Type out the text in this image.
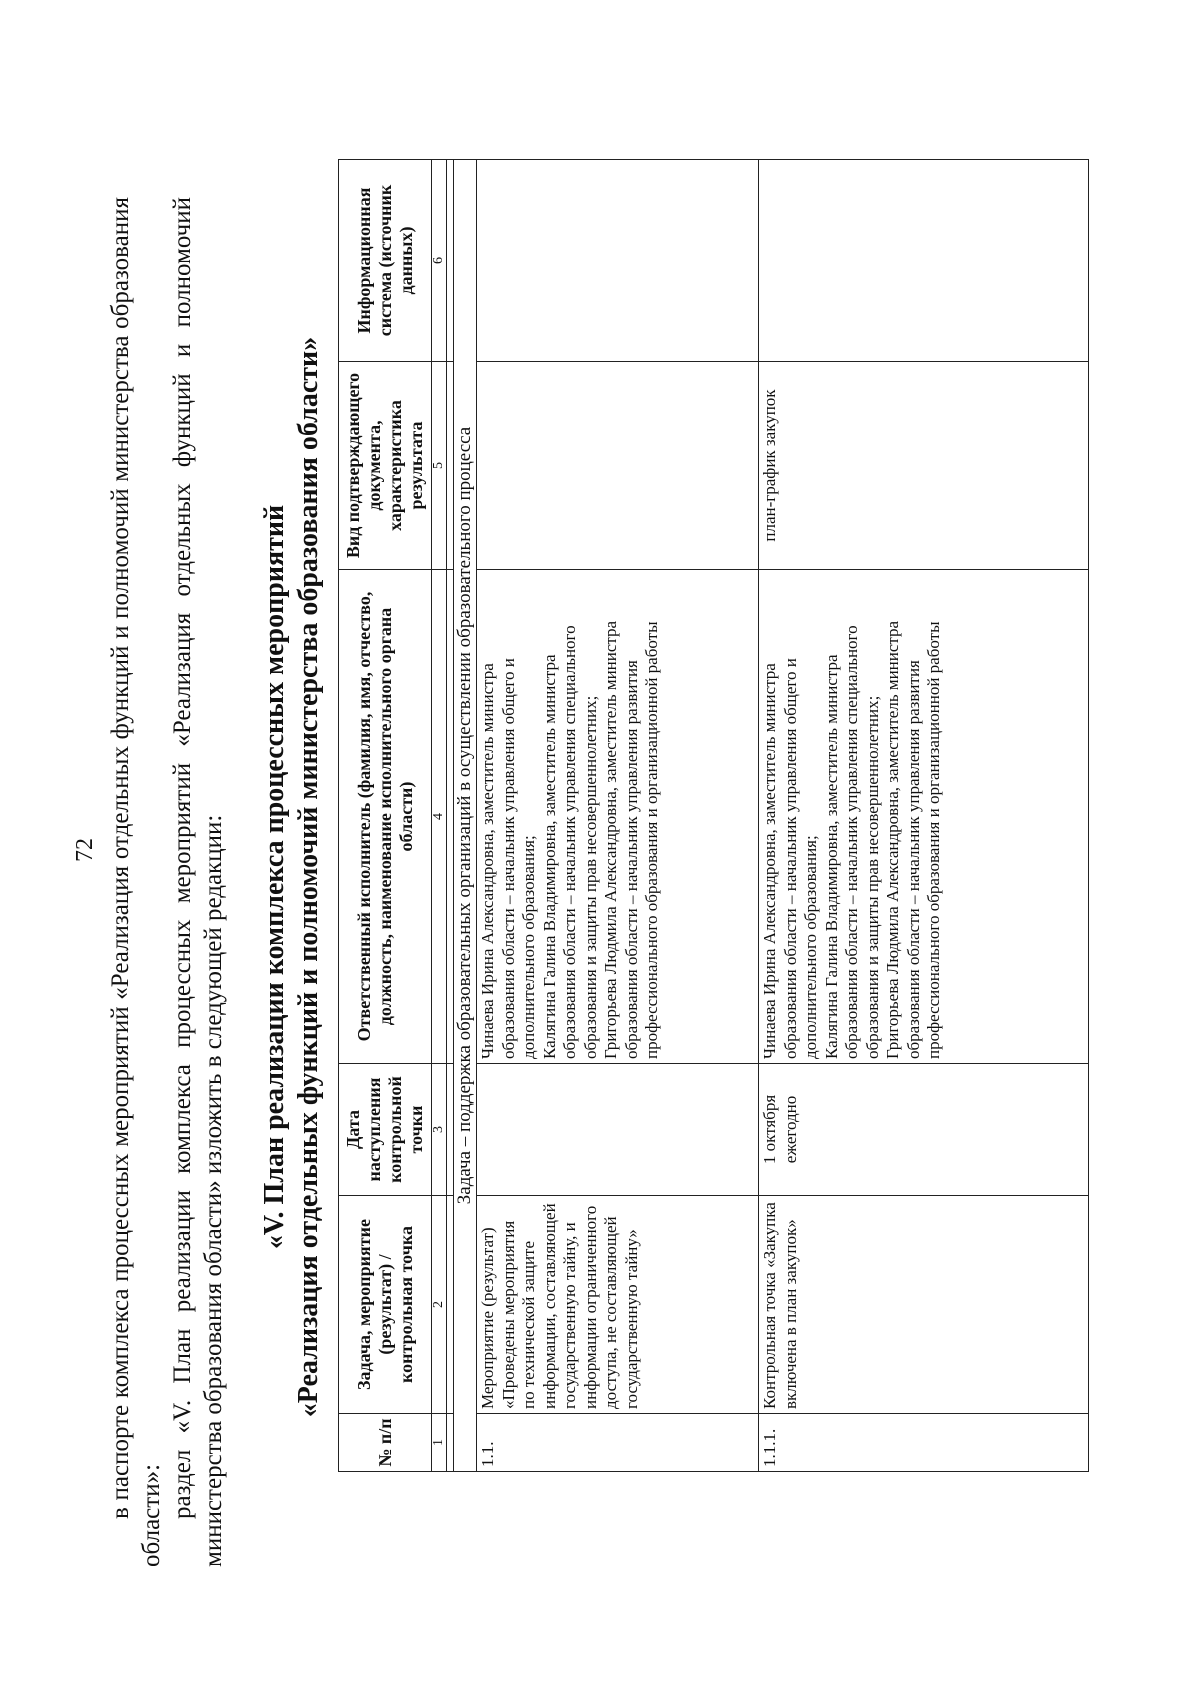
72 в паспорте комплекса процессных мероприятий «Реализация отдельных функций и полномочий министерства образования области»: раздел «V. План реализации комплекса процессных мероприятий «Реализация отдельных функций и полномочий министерства образования области» изложить в следующей редакции: «V. План реализации комплекса процессных мероприятий «Реализация отдельных функций и полномочий министерства образования области»
№ п/п	Задача, мероприятие (результат) / контрольная точка	Дата наступления контрольной точки	Ответственный исполнитель (фамилия, имя, отчество, должность, наименование исполнительного органа области)	Вид подтверждающего документа, характеристика результата	Информационная система (источник данных)
1	2	3	4	5	6

Задача – поддержка образовательных организаций в осуществлении образовательного процесса					
1.1.	Мероприятие (результат) «Проведены мероприятия по технической защите информации, составляющей государственную тайну, и информации ограниченного доступа, не составляющей государственную тайну»		Чинаева Ирина Александровна, заместитель министра образования области – начальник управления общего и дополнительного образования; Калягина Галина Владимировна, заместитель министра образования области – начальник управления специального образования и защиты прав несовершеннолетних; Григорьева Людмила Александровна, заместитель министра образования области – начальник управления развития профессионального образования и организационной работы		

1.1.1.	Контрольная точка «Закупка включена в план закупок»	1 октября ежегодно	Чинаева Ирина Александровна, заместитель министра образования области – начальник управления общего и дополнительного образования; Калягина Галина Владимировна, заместитель министра образования области – начальник управления специального образования и защиты прав несовершеннолетних; Григорьева Людмила Александровна, заместитель министра образования области – начальник управления развития профессионального образования и организационной работы	план-график закупок	
